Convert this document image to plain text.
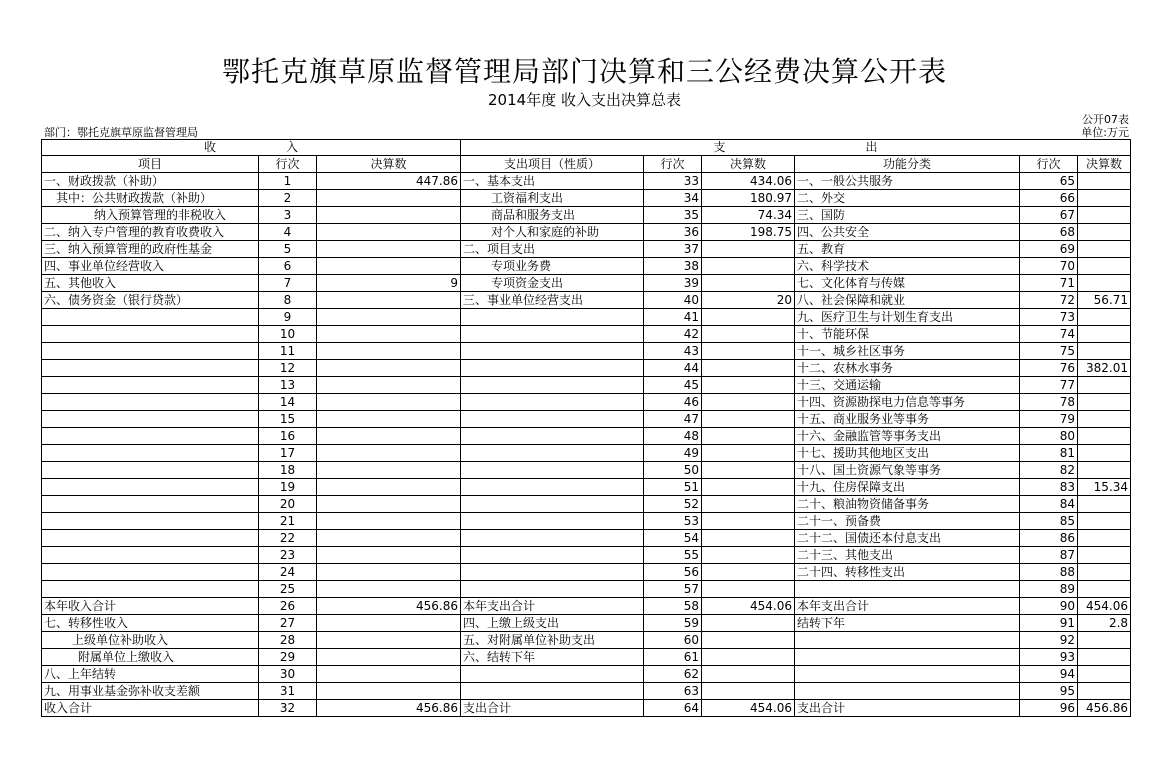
鄂托克旗草原监督管理局部门决算和三公经费决算公开表
2014年度 收入支出决算总表
公开07表
部门：鄂托克旗草原监督管理局	单位:万元
收 入			支 出					

项目	行次	决算数	支出项目（性质）	行次	决算数	功能分类	行次	决算数
一、财政拨款（补助）	1	447.86	一、基本支出	33	434.06	一、一般公共服务	65	
其中：公共财政拨款（补助）	2		工资福利支出	34	180.97	二、外交	66	
纳入预算管理的非税收入	3		商品和服务支出	35	74.34	三、国防	67	
二、纳入专户管理的教育收费收入	4		对个人和家庭的补助	36	198.75	四、公共安全	68	
三、纳入预算管理的政府性基金	5		二、项目支出	37		五、教育	69	
四、事业单位经营收入	6		专项业务费	38		六、科学技术	70	
五、其他收入	7	9	专项资金支出	39		七、文化体育与传媒	71	
六、债务资金（银行贷款）	8		三、事业单位经营支出	40	20	八、社会保障和就业	72	56.71
	9			41		九、医疗卫生与计划生育支出	73	
	10			42		十、节能环保	74	
	11			43		十一、城乡社区事务	75	
	12			44		十二、农林水事务	76	382.01
	13			45		十三、交通运输	77	
	14			46		十四、资源勘探电力信息等事务	78	
	15			47		十五、商业服务业等事务	79	
	16			48		十六、金融监管等事务支出	80	
	17			49		十七、援助其他地区支出	81	
	18			50		十八、国土资源气象等事务	82	
	19			51		十九、住房保障支出	83	15.34
	20			52		二十、粮油物资储备事务	84	
	21			53		二十一、预备费	85	
	22			54		二十二、国债还本付息支出	86	
	23			55		二十三、其他支出	87	
	24			56		二十四、转移性支出	88	
	25			57			89	
本年收入合计	26	456.86	本年支出合计	58	454.06	本年支出合计	90	454.06
七、转移性收入	27		四、上缴上级支出	59		结转下年	91	2.8
上级单位补助收入	28		五、对附属单位补助支出	60			92	
附属单位上缴收入	29		六、结转下年	61			93	
八、上年结转	30			62			94	
九、用事业基金弥补收支差额	31			63			95	
收入合计	32	456.86	支出合计	64	454.06	支出合计	96	456.86
